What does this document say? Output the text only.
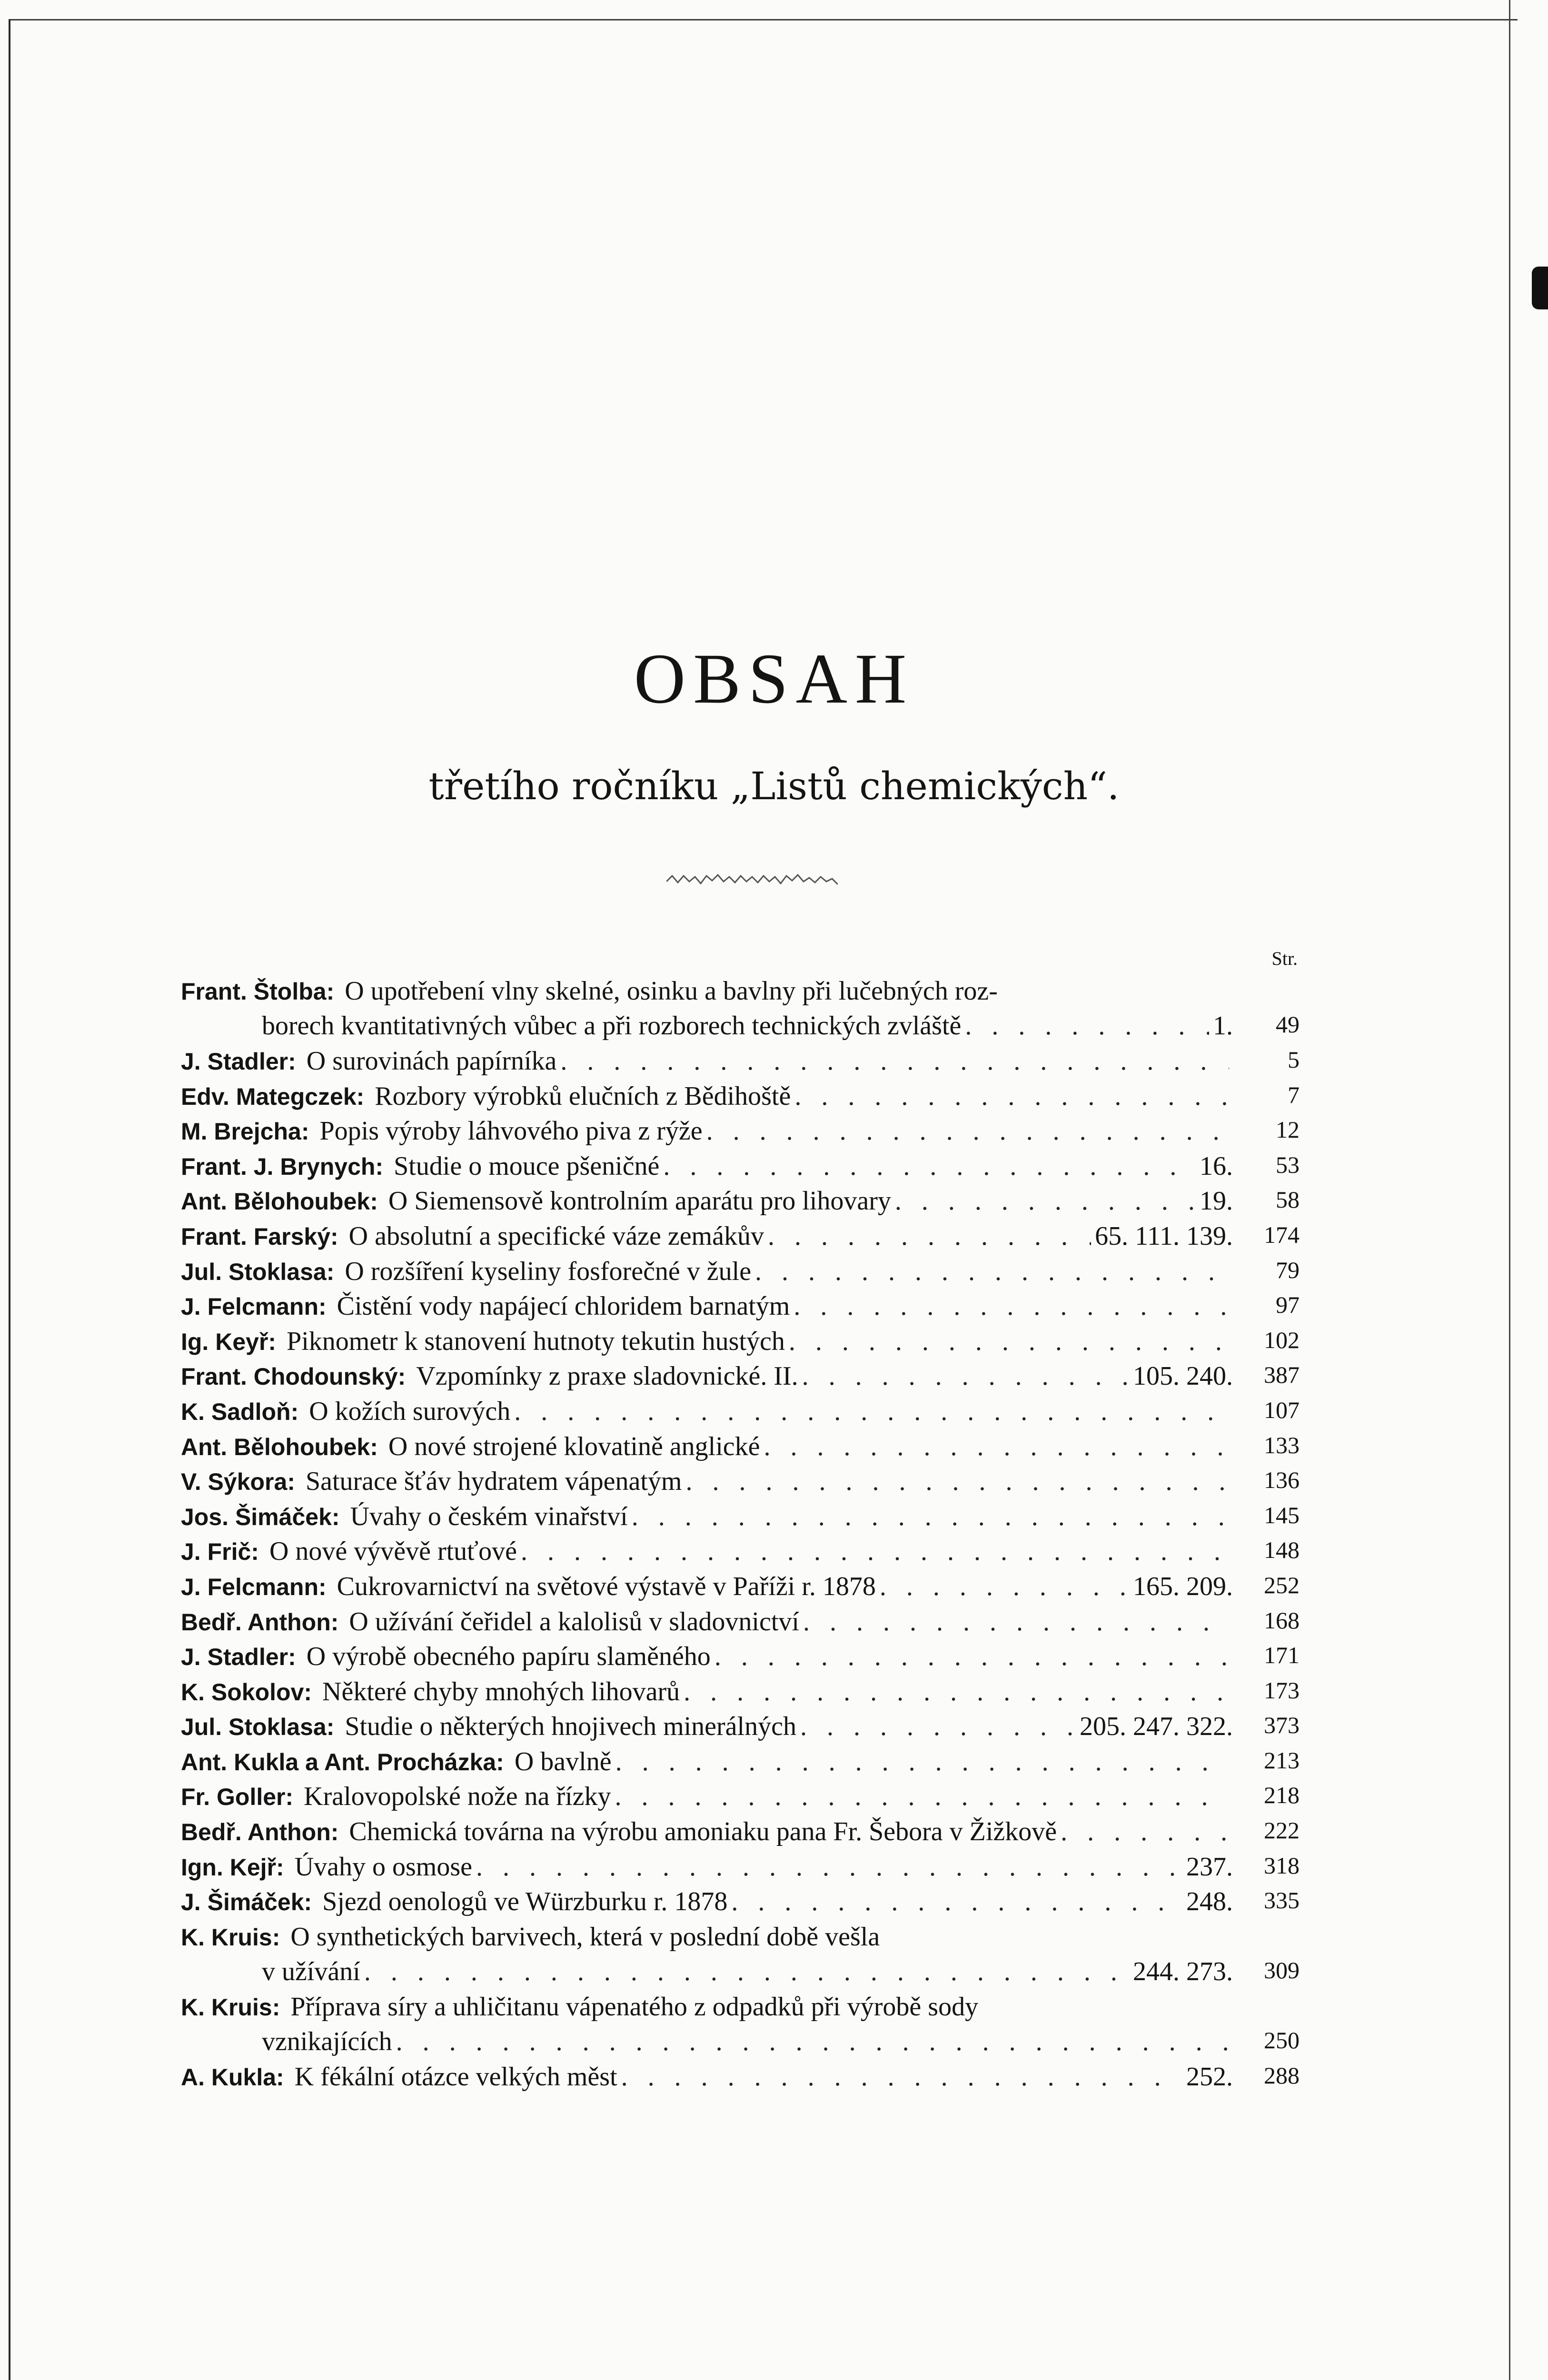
OBSAH

třetího ročníku „Listů chemických“.

Str.
Frant. Štolba: O upotřebení vlny skelné, osinku a bavlny při lučebných roz-
borech kvantitativných vůbec a při rozborech technických zvláště . . .	1.	49
J. Stadler: O surovinách papírníka . . .	5
Edv. Mategczek: Rozbory výrobků elučních z Bědihoště . . .	7
M. Brejcha: Popis výroby láhvového piva z rýže . . .	12
Frant. J. Brynych: Studie o mouce pšeničné . . .	16.	53
Ant. Bělohoubek: O Siemensově kontrolním aparátu pro lihovary . . .	19.	58
Frant. Farský: O absolutní a specifické váze zemákův . . .	65. 111. 139.	174
Jul. Stoklasa: O rozšíření kyseliny fosforečné v žule . . .	79
J. Felcmann: Čistění vody napájecí chloridem barnatým . . .	97
Ig. Keyř: Piknometr k stanovení hutnoty tekutin hustých . . .	102
Frant. Chodounský: Vzpomínky z praxe sladovnické. II. . . .	105. 240.	387
K. Sadloň: O kožích surových . . .	107
Ant. Bělohoubek: O nové strojené klovatině anglické . . .	133
V. Sýkora: Saturace šťáv hydratem vápenatým . . .	136
Jos. Šimáček: Úvahy o českém vinařství . . .	145
J. Frič: O nové vývěvě rtuťové . . .	148
J. Felcmann: Cukrovarnictví na světové výstavě v Paříži r. 1878 . . .	165. 209.	252
Bedř. Anthon: O užívání čeřidel a kalolisů v sladovnictví . . .	168
J. Stadler: O výrobě obecného papíru slaměného . . .	171
K. Sokolov: Některé chyby mnohých lihovarů . . .	173
Jul. Stoklasa: Studie o některých hnojivech minerálných . . .	205. 247. 322.	373
Ant. Kukla a Ant. Procházka: O bavlně . . .	213
Fr. Goller: Kralovopolské nože na řízky . . .	218
Bedř. Anthon: Chemická továrna na výrobu amoniaku pana Fr. Šebora v Žižkově . . .	222
Ign. Kejř: Úvahy o osmose . . .	237.	318
J. Šimáček: Sjezd oenologů ve Würzburku r. 1878 . . .	248.	335
K. Kruis: O synthetických barvivech, která v poslední době vešla
v užívání . . .	244. 273.	309
K. Kruis: Příprava síry a uhličitanu vápenatého z odpadků při výrobě sody
vznikajících . . .	250
A. Kukla: K fékální otázce velkých měst . . .	252.	288
